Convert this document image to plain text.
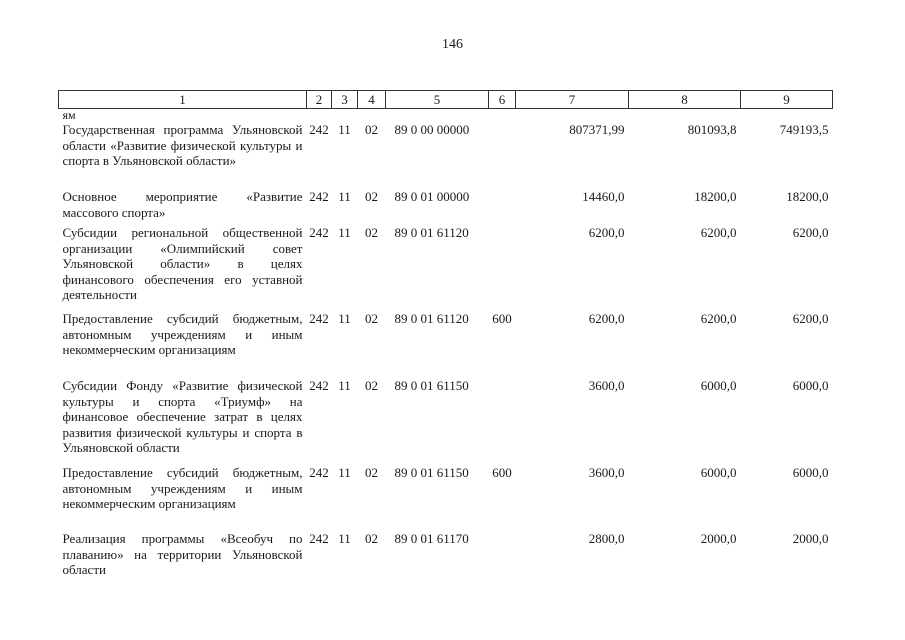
146
1	2	3	4	5	6	7	8	9
ям								
Государственная программа Ульяновской области «Развитие физической культуры и спорта в Ульяновской области»	242	11	02	89 0 00 00000		807371,99	801093,8	749193,5
Основное мероприятие «Развитие массового спорта»	242	11	02	89 0 01 00000		14460,0	18200,0	18200,0
Субсидии региональной общественной организации «Олимпийский совет Ульяновской области» в целях финансового обеспечения его уставной деятельности	242	11	02	89 0 01 61120		6200,0	6200,0	6200,0
Предоставление субсидий бюджетным, автономным учреждениям и иным некоммерческим организациям	242	11	02	89 0 01 61120	600	6200,0	6200,0	6200,0
Субсидии Фонду «Развитие физической культуры и спорта «Триумф» на финансовое обеспечение затрат в целях развития физической культуры и спорта в Ульяновской области	242	11	02	89 0 01 61150		3600,0	6000,0	6000,0
Предоставление субсидий бюджетным, автономным учреждениям и иным некоммерческим организациям	242	11	02	89 0 01 61150	600	3600,0	6000,0	6000,0
Реализация программы «Всеобуч по плаванию» на территории Ульяновской области	242	11	02	89 0 01 61170		2800,0	2000,0	2000,0
